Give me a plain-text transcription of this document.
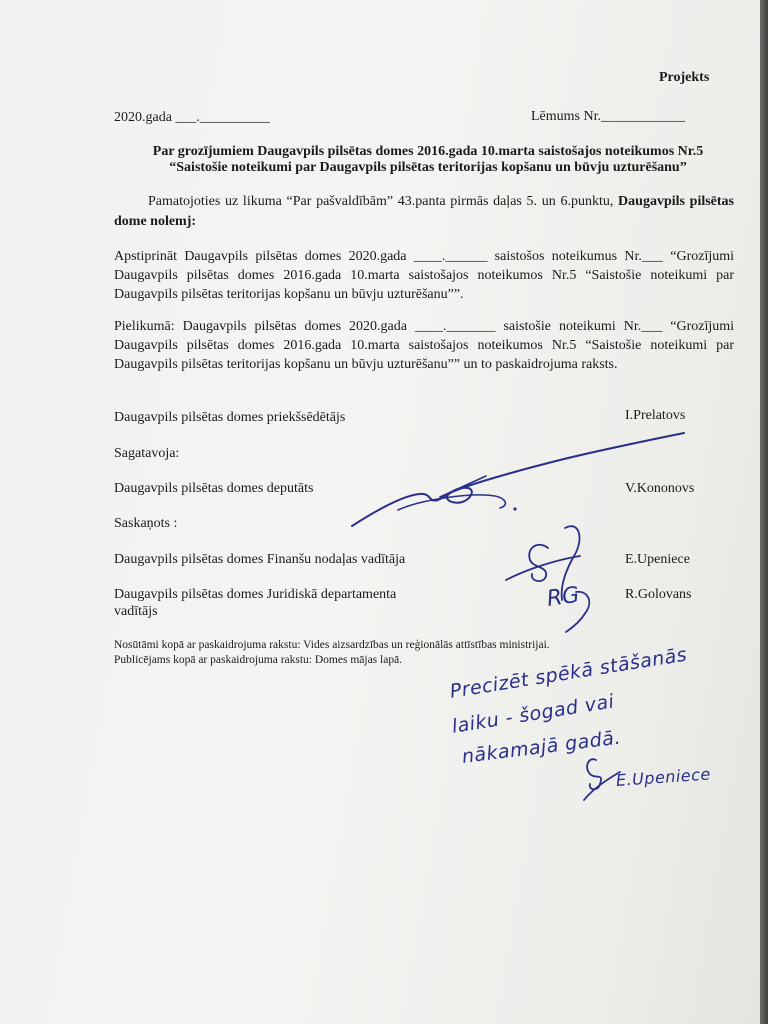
Projekts
2020.gada ___.__________	Lēmums Nr.____________
Par grozījumiem Daugavpils pilsētas domes 2016.gada 10.marta saistošajos noteikumos Nr.5
“Saistošie noteikumi par Daugavpils pilsētas teritorijas kopšanu un būvju uzturēšanu”
Pamatojoties uz likuma “Par pašvaldībām” 43.panta pirmās daļas 5. un 6.punktu, Daugavpils pilsētas dome nolemj:
Apstiprināt Daugavpils pilsētas domes 2020.gada ____.______ saistošos noteikumus Nr.___ “Grozījumi Daugavpils pilsētas domes 2016.gada 10.marta saistošajos noteikumos Nr.5 “Saistošie noteikumi par Daugavpils pilsētas teritorijas kopšanu un būvju uzturēšanu””.
Pielikumā: Daugavpils pilsētas domes 2020.gada ____._______ saistošie noteikumi Nr.___ “Grozījumi Daugavpils pilsētas domes 2016.gada 10.marta saistošajos noteikumos Nr.5 “Saistošie noteikumi par Daugavpils pilsētas teritorijas kopšanu un būvju uzturēšanu”” un to paskaidrojuma raksts.
Daugavpils pilsētas domes priekšsēdētājs	I.Prelatovs
Sagatavoja:
Daugavpils pilsētas domes deputāts	V.Kononovs
Saskaņots :
Daugavpils pilsētas domes Finanšu nodaļas vadītāja	E.Upeniece
Daugavpils pilsētas domes Juridiskā departamenta
vadītājs
R.Golovans
Nosūtāmi kopā ar paskaidrojuma rakstu: Vides aizsardzības un reģionālās attīstības ministrijai.
Publicējams kopā ar paskaidrojuma rakstu: Domes mājas lapā.
RG
Precizēt spēkā stāšanās
laiku - šogad vai
nākamajā gadā.
E.Upeniece
